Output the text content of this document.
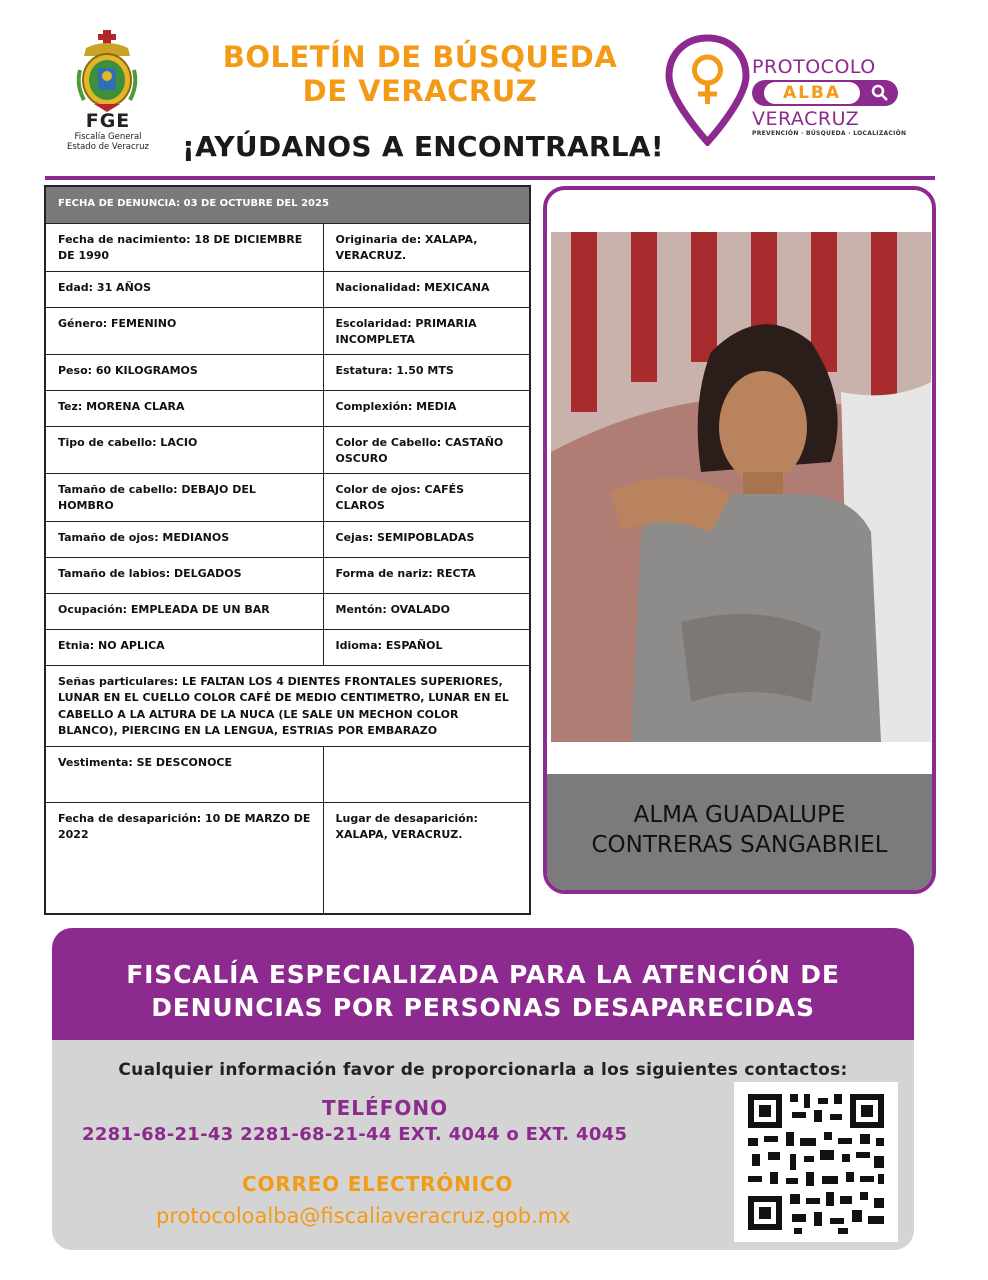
FGE
Fiscalía General
Estado de Veracruz
BOLETÍN DE BÚSQUEDA
DE VERACRUZ
¡AYÚDANOS A ENCONTRARLA!
PROTOCOLO
ALBA
VERACRUZ
PREVENCIÓN · BÚSQUEDA · LOCALIZACIÓN
FECHA DE DENUNCIA: 03 DE OCTUBRE DEL 2025	
Fecha de nacimiento: 18 DE DICIEMBRE DE 1990	Originaria de: XALAPA, VERACRUZ.
Edad: 31 AÑOS	Nacionalidad: MEXICANA
Género: FEMENINO	Escolaridad: PRIMARIA INCOMPLETA
Peso: 60 KILOGRAMOS	Estatura: 1.50 MTS
Tez: MORENA CLARA	Complexión: MEDIA
Tipo de cabello: LACIO	Color de Cabello: CASTAÑO OSCURO
Tamaño de cabello: DEBAJO DEL HOMBRO	Color de ojos: CAFÉS CLAROS
Tamaño de ojos: MEDIANOS	Cejas: SEMIPOBLADAS
Tamaño de labios: DELGADOS	Forma de nariz: RECTA
Ocupación: EMPLEADA DE UN BAR	Mentón: OVALADO
Etnia: NO APLICA	Idioma: ESPAÑOL
Señas particulares: LE FALTAN LOS 4 DIENTES FRONTALES SUPERIORES, LUNAR EN EL CUELLO COLOR CAFÉ DE MEDIO CENTIMETRO, LUNAR EN EL CABELLO A LA ALTURA DE LA NUCA (LE SALE UN MECHON COLOR BLANCO), PIERCING EN LA LENGUA, ESTRIAS POR EMBARAZO	
Vestimenta: SE DESCONOCE	
Fecha de desaparición: 10 DE MARZO DE 2022	Lugar de desaparición: XALAPA, VERACRUZ.
ALMA GUADALUPE
CONTRERAS SANGABRIEL
FISCALÍA ESPECIALIZADA PARA LA ATENCIÓN DE
DENUNCIAS POR PERSONAS DESAPARECIDAS
Cualquier información favor de proporcionarla a los siguientes contactos:
TELÉFONO
2281-68-21-43 2281-68-21-44 EXT. 4044 o EXT. 4045
CORREO ELECTRÓNICO
protocoloalba@fiscaliaveracruz.gob.mx
